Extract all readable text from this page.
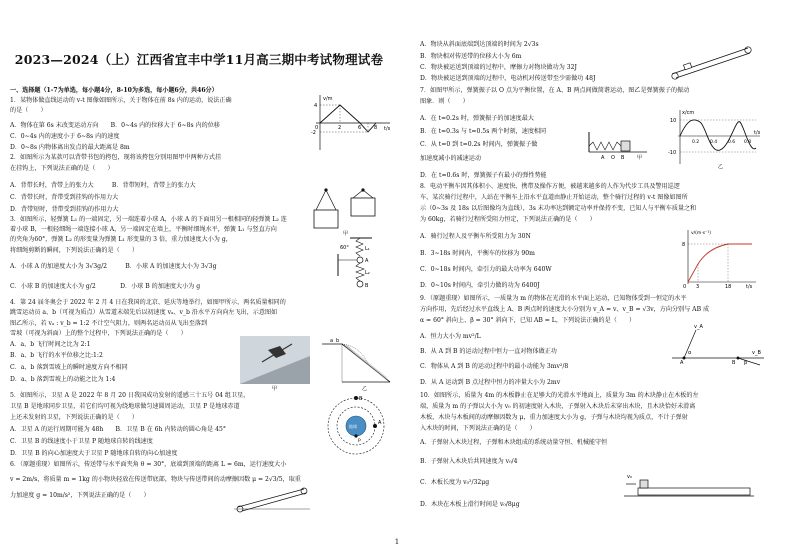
2023—2024（上）江西省宜丰中学11月高三期中考试物理试卷

一、选择题（1-7为单选，每小题4分，8-10为多选，每小题6分，共46分）

1．某物体做直线运动的 v-t 图像如图所示，关于物体在前 8s 内的运动，说法正确

的是（　　）

A．物体在第 6s 末改变运动方向　　B．0~4s 内的位移大于 6~8s 内的位移

C．0~4s 内的速度小于 6~8s 内的速度

D．0~8s 内物体离出发点的最大距离是 8m

2．如图所示为某款可以背带书包的挎包，现将该挎包分别用图甲中两种方式挂

在挂钩上，下列说法正确的是（　　）

A．背带长时，背带上的张力大　　　B．背带短时，背带上的张力大

C．背带长时，背带受到挂钩的作用力大

D．背带短时，背带受到挂钩的作用力大

3．如图所示，轻弹簧 L₁ 的一端固定，另一端连着小球 A，小球 A 的下面用另一根相同的轻弹簧 L₂ 连

着小球 B，一根轻细绳一端连接小球 A，另一端固定在墙上，平衡时细绳水平，弹簧 L₁ 与竖直方向

的夹角为60°，弹簧 L₂ 的形变量为弹簧 L₁ 形变量的 3 倍，重力加速度大小为 g，

将细绳剪断的瞬间，下列说法正确的是（　　）

A．小球 A 的加速度大小为 3√3g/2　　　B．小球 A 的加速度大小为 3√3g

C．小球 B 的加速度大小为 g/2　　　　D．小球 B 的加速度大小为 g

4．第 24 届冬奥会于 2022 年 2 月 4 日在我国的北京、延庆等地举行，如图甲所示，两名质量相同的

跳雪运动员 a、b（可视为质点）从雪道末端先后以初速度 vₐ、v_b 沿水平方向向左飞出，示意图如

图乙所示，若 vₐ : v_b = 1:2 不计空气阻力，则两名运动员从飞出至落到

雪坡（可视为斜面）上的整个过程中，下列说法正确的是（　　）

A．a、b 飞行时间之比为 2:1

B．a、b 飞行的水平位移之比:1:2

C．a、b 落到雪坡上的瞬时速度方向不相同

D．a、b 落到雪坡上的动能之比为 1:4

5．如图所示，卫星 A 是 2022 年 8 月 20 日我国成功发射的遥感三十五号 04 组卫星，

卫星 B 是地球同步卫星，若它们均可视为绕地球做匀速圆周运动，卫星 P 是地球赤道

上还未发射的卫星，下列说法正确的是（　　）

A．卫星 A 的运行周期可能为 48h　　B．卫星 B 在 6h 内转动的圆心角是 45°

C．卫星 B 的线速度小于卫星 P 随地球自转的线速度

D．卫星 B 的向心加速度大于卫星 P 随地球自转的向心加速度

6．（原题重现）如图所示，传送带与水平面夹角 θ = 30°，底端到顶端的距离 L = 6m，运行速度大小

v = 2m/s，将质量 m = 1kg 的小物块轻放在传送带底部，物块与传送带间的动摩擦因数 μ = 2√3/5，取重

力加速度 g = 10m/s²，下列说法正确的是（　　）

v/m
t/s
4
-2
2	6	8
0
甲
60°	L₁
A
L₂
B
甲
a b
乙
B
A
P
地球

A．物块从斜面底端到达顶端的时间为 2√3s

B．物块相对传送带的位移大小为 6m

C．物块被运送到顶端的过程中，摩擦力对物块做功为 32J

D．物块被运送到顶端的过程中，电动机对传送带至少需做功 48J

7．如图甲所示，弹簧振子以 O 点为平衡位置，在 A、B 两点间做简谐运动，图乙是弹簧振子的振动

图象．则（　　）

A．在 t=0.2s 时，弹簧振子的加速度最大

B．在 t=0.3s 与 t=0.5s 两个时刻，速度相同

C．从 t=0 到 t=0.2s 时间内，弹簧振子做

加速度减小的减速运动

D．在 t=0.6s 时，弹簧振子有最小的弹性势能

8．电动平衡车因其体积小、速度快、携带及操作方便，被越来越多的人作为代步工具及警用巡逻

车，某次骑行过程中，人站在平衡车上沿水平直道由静止开始运动，整个骑行过程的 v-t 图像如图所

示（0~3s 及 18s 以后图像均为直线），3s 末功率达到额定功率并保持不变，已知人与平衡车质量之和

为 60kg，若骑行过程所受阻力恒定，下列说法正确的是（　　）

A．骑行过程人及平衡车所受阻力为 30N

B．3~18s 时间内，平衡车的位移为 90m

C．0~18s 时间内，牵引力的最大功率为 640W

D．0~10s 时间内，牵引力做的功为 6400J

9．（原题重现）如图所示，一质量为 m 的物体在光滑的水平面上运动，已知物体受到一恒定的水平

方向作用，先后经过水平直线上 A、B 两点时的速度大小分别为 v_A = v、v_B = √3v，方向分别与 AB 成

α = 60° 斜向上、β = 30° 斜向下，已知 AB = L，下列说法正确的是（　　）

A．恒力大小为 mv²/L

B．从 A 到 B 的运动过程中恒力一直对物体做正功

C．物体从 A 到 B 的运动过程中的最小动能为 3mv²/8

D．从 A 运动到 B 点过程中恒力的冲量大小为 2mv

10．如图所示，质量为 4m 的木板静止在足够大的光滑水平地面上，质量为 3m 的木块静止在木板的左

端，质量为 m 的子弹以大小为 v₀ 的初速度射入木块，子弹射入木块后未穿出木块，且木块恰好未滑离

木板，木块与木板间的动摩擦因数为 μ，重力加速度大小为 g，子弹与木块均视为质点，不计子弹射

入木块的时间，下列说法正确的是（　　）

A．子弹射入木块过程，子弹和木块组成的系统动量守恒、机械能守恒

B．子弹射入木块后共同速度为 v₀/4

C．木板长度为 v₀²/32μg

D．木块在木板上滑行时间是 v₀/8μg

A O B	甲
x/cm
10
-10
0.2 0.4 0.6 0.8
t/s
乙
v/(m·s⁻¹)
8
3	18	t/s
0
A	B
v_A
v_B
α
β
v₀
1
